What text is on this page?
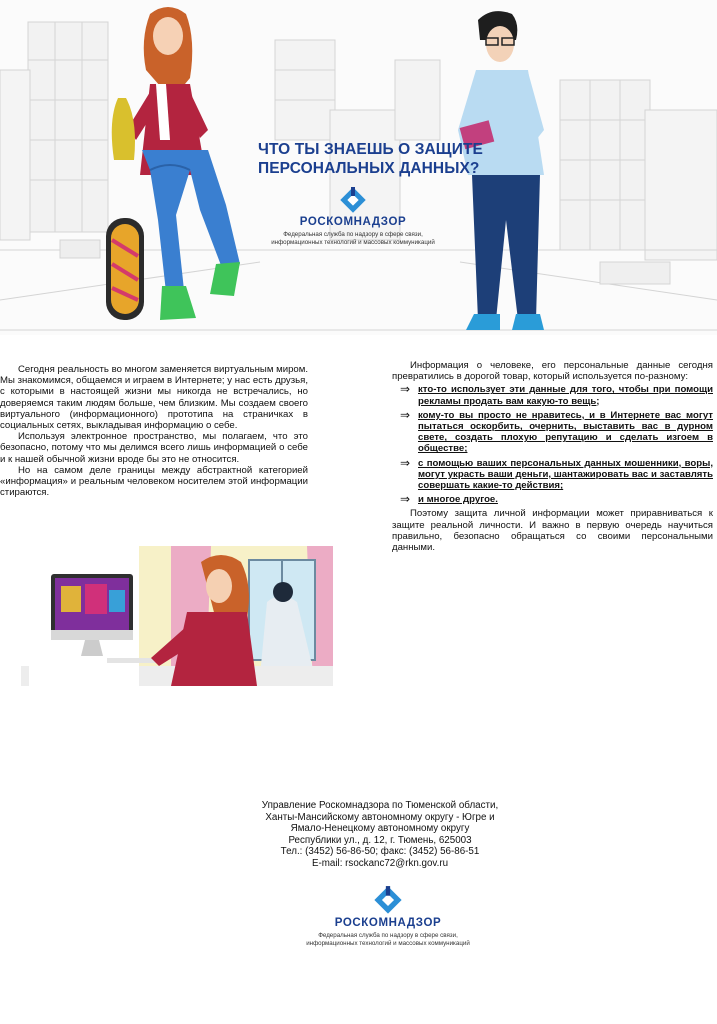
ЧТО ТЫ ЗНАЕШЬ О ЗАЩИТЕ
ПЕРСОНАЛЬНЫХ ДАННЫХ?
РОСКОМНАДЗОР
Федеральная служба по надзору в сфере связи,
информационных технологий и массовых коммуникаций

Сегодня реальность во многом заменяется виртуальным миром. Мы знакомимся, общаемся и играем в Интернете; у нас есть друзья, с которыми в настоящей жизни мы никогда не встречались, но доверяемся таким людям больше, чем близким. Мы создаем своего виртуального (информационного) прототипа на страничках в социальных сетях, выкладывая информацию о себе.

Используя электронное пространство, мы полагаем, что это безопасно, потому что мы делимся всего лишь информацией о себе и к нашей обычной жизни вроде бы это не относится.

Но на самом деле границы между абстрактной категорией «информация» и реальным человеком носителем этой информации стираются.

Информация о человеке, его персональные данные сегодня превратились в дорогой товар, который используется по-разному:

⇒ кто-то использует эти данные для того, чтобы при помощи рекламы продать вам какую-то вещь;
⇒ кому-то вы просто не нравитесь, и в Интернете вас могут пытаться оскорбить, очернить, выставить вас в дурном свете, создать плохую репутацию и сделать изгоем в обществе;
⇒ с помощью ваших персональных данных мошенники, воры, могут украсть ваши деньги, шантажировать вас и заставлять совершать какие-то действия;
⇒ и многое другое.

Поэтому защита личной информации может приравниваться к защите реальной личности. И важно в первую очередь научиться правильно, безопасно обращаться со своими персональными данными.

Управление Роскомнадзора по Тюменской области,
Ханты-Мансийскому автономному округу - Югре и
Ямало-Ненецкому автономному округу
Республики ул., д. 12, г. Тюмень, 625003
Тел.: (3452) 56-86-50; факс: (3452) 56-86-51
E-mail: rsockanc72@rkn.gov.ru
РОСКОМНАДЗОР
Федеральная служба по надзору в сфере связи,
информационных технологий и массовых коммуникаций
